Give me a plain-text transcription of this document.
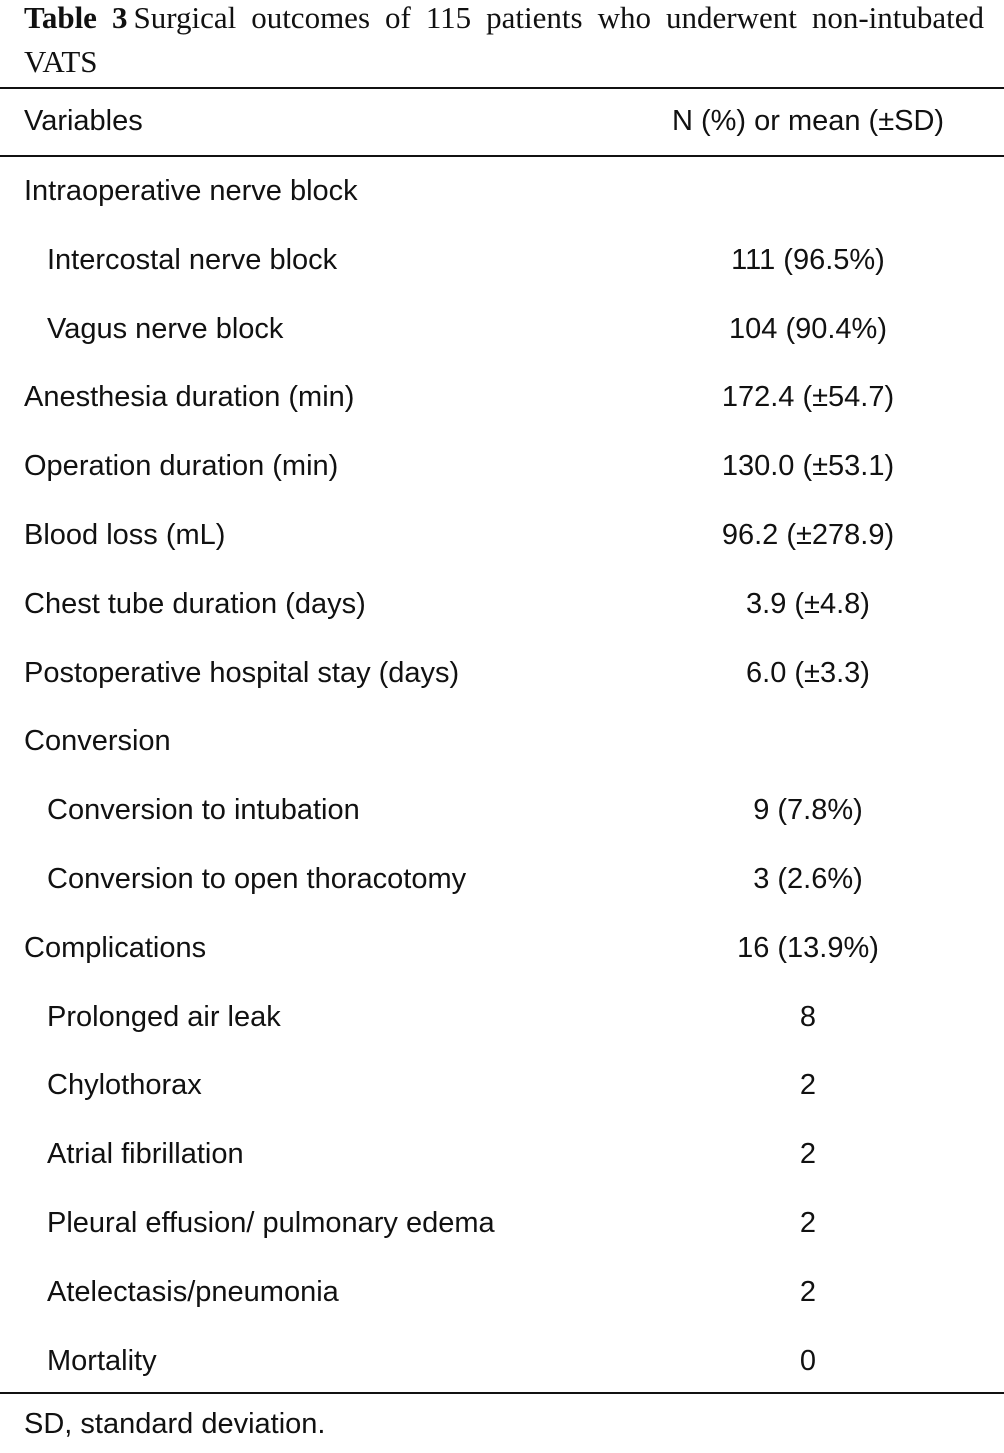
Table 3 Surgical outcomes of 115 patients who underwent non-intubated VATS
Variables	N (%) or mean (±SD)
Intraoperative nerve block
Intercostal nerve block	111 (96.5%)
Vagus nerve block	104 (90.4%)
Anesthesia duration (min)	172.4 (±54.7)
Operation duration (min)	130.0 (±53.1)
Blood loss (mL)	96.2 (±278.9)
Chest tube duration (days)	3.9 (±4.8)
Postoperative hospital stay (days)	6.0 (±3.3)
Conversion
Conversion to intubation	9 (7.8%)
Conversion to open thoracotomy	3 (2.6%)
Complications	16 (13.9%)
Prolonged air leak	8
Chylothorax	2
Atrial fibrillation	2
Pleural effusion/ pulmonary edema	2
Atelectasis/pneumonia	2
Mortality	0
SD, standard deviation.
